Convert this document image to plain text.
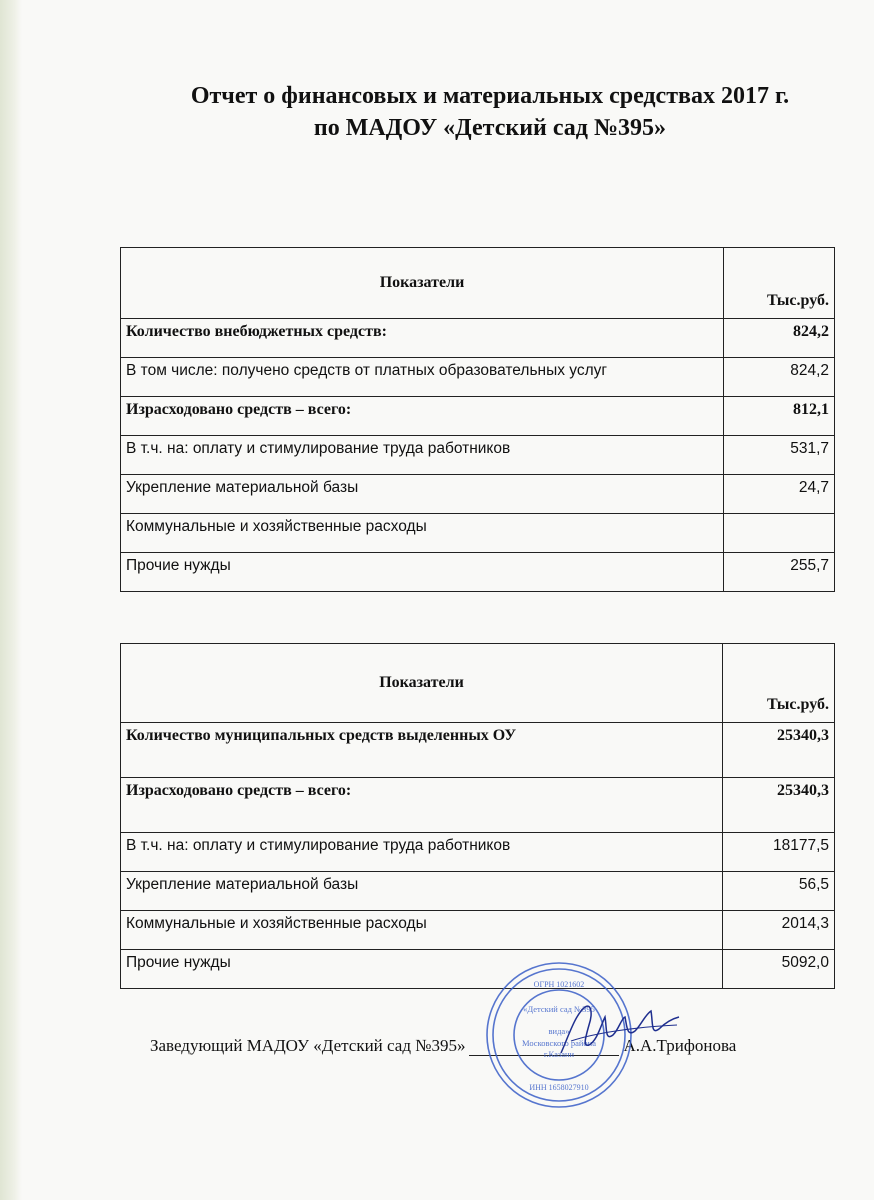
Отчет о финансовых и материальных средствах 2017 г.
по МАДОУ «Детский сад №395»
Показатели	Тыс.руб.
Количество внебюджетных средств:	824,2
В том числе: получено средств от платных образовательных услуг	824,2
Израсходовано средств – всего:	812,1
В т.ч. на: оплату и стимулирование труда работников	531,7
Укрепление материальной базы	24,7
Коммунальные и хозяйственные расходы	
Прочие нужды	255,7
Показатели	Тыс.руб.
Количество муниципальных средств выделенных ОУ	25340,3
Израсходовано средств – всего:	25340,3
В т.ч. на: оплату и стимулирование труда работников	18177,5
Укрепление материальной базы	56,5
Коммунальные и хозяйственные расходы	2014,3
Прочие нужды	5092,0
Заведующий МАДОУ «Детский сад №395»	А.А.Трифонова
«Детский сад №395
вида»
Московского района
г.Казани
ИНН 1658027910
ОГРН 1021602
